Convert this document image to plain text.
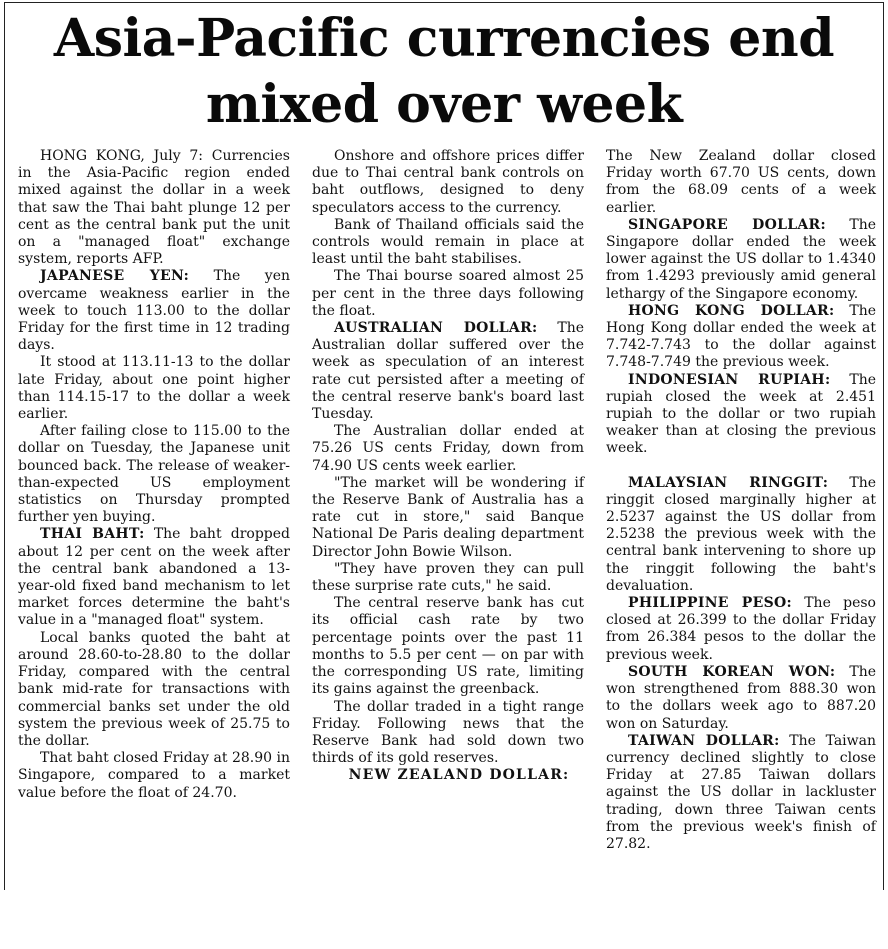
Asia-Pacific currencies end
mixed over week

HONG KONG, July 7: Currencies in the Asia-Pacific region ended mixed against the dollar in a week that saw the Thai baht plunge 12 per cent as the central bank put the unit on a "managed float" exchange system, reports AFP.

JAPANESE YEN: The yen overcame weakness earlier in the week to touch 113.00 to the dollar Friday for the first time in 12 trading days.

It stood at 113.11-13 to the dollar late Friday, about one point higher than 114.15-17 to the dollar a week earlier.

After failing close to 115.00 to the dollar on Tuesday, the Japanese unit bounced back. The release of weaker-than-expected US employment statistics on Thursday prompted further yen buying.

THAI BAHT: The baht dropped about 12 per cent on the week after the central bank abandoned a 13-year-old fixed band mechanism to let market forces determine the baht's value in a "managed float" system.

Local banks quoted the baht at around 28.60-to-28.80 to the dollar Friday, compared with the central bank mid-rate for transactions with commercial banks set under the old system the previous week of 25.75 to the dollar.

That baht closed Friday at 28.90 in Singapore, compared to a market value before the float of 24.70.

Onshore and offshore prices differ due to Thai central bank controls on baht outflows, designed to deny speculators access to the currency.

Bank of Thailand officials said the controls would remain in place at least until the baht stabilises.

The Thai bourse soared almost 25 per cent in the three days following the float.

AUSTRALIAN DOLLAR: The Australian dollar suffered over the week as speculation of an interest rate cut persisted after a meeting of the central reserve bank's board last Tuesday.

The Australian dollar ended at 75.26 US cents Friday, down from 74.90 US cents week earlier.

"The market will be wondering if the Reserve Bank of Australia has a rate cut in store," said Banque National De Paris dealing department Director John Bowie Wilson.

"They have proven they can pull these surprise rate cuts," he said.

The central reserve bank has cut its official cash rate by two percentage points over the past 11 months to 5.5 per cent — on par with the corresponding US rate, limiting its gains against the greenback.

The dollar traded in a tight range Friday. Following news that the Reserve Bank had sold down two thirds of its gold reserves.

NEW ZEALAND DOLLAR:

The New Zealand dollar closed Friday worth 67.70 US cents, down from the 68.09 cents of a week earlier.

SINGAPORE DOLLAR: The Singapore dollar ended the week lower against the US dollar to 1.4340 from 1.4293 previously amid general lethargy of the Singapore economy.

HONG KONG DOLLAR: The Hong Kong dollar ended the week at 7.742-7.743 to the dollar against 7.748-7.749 the previous week.

INDONESIAN RUPIAH: The rupiah closed the week at 2.451 rupiah to the dollar or two rupiah weaker than at closing the previous week.

MALAYSIAN RINGGIT: The ringgit closed marginally higher at 2.5237 against the US dollar from 2.5238 the previous week with the central bank intervening to shore up the ringgit following the baht's devaluation.

PHILIPPINE PESO: The peso closed at 26.399 to the dollar Friday from 26.384 pesos to the dollar the previous week.

SOUTH KOREAN WON: The won strengthened from 888.30 won to the dollars week ago to 887.20 won on Saturday.

TAIWAN DOLLAR: The Taiwan currency declined slightly to close Friday at 27.85 Taiwan dollars against the US dollar in lackluster trading, down three Taiwan cents from the previous week's finish of 27.82.
